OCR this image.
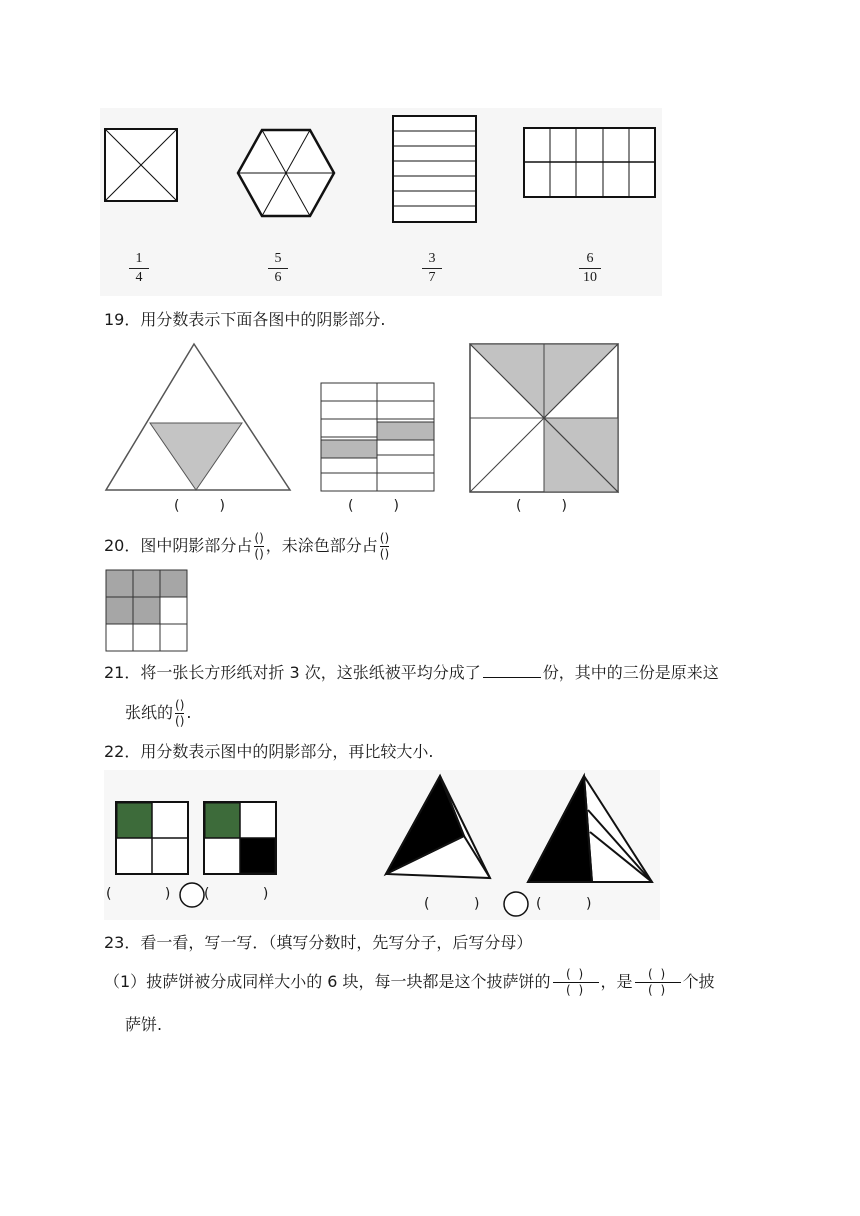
1
4
5
6
3
7
6
10
19．用分数表示下面各图中的阴影部分.
(         )	(         )	(         )
20．图中阴影部分占 $\frac{()}{()}$ ，未涂色部分占 $\frac{()}{()}$
21．将一张长方形纸对折 3 次，这张纸被平均分成了	份，其中的三份是原来这
张纸的 $\frac{()}{()}$ .
22．用分数表示图中的阴影部分，再比较大小.
(            ) (            )
(          )	(          )
23．看一看，写一写．（填写分数时，先写分子，后写分母）
（1）披萨饼被分成同样大小的 6 块，每一块都是这个披萨饼的 $\frac{( )}{( )}$ ，是 $\frac{( )}{( )}$ 个披
萨饼.
